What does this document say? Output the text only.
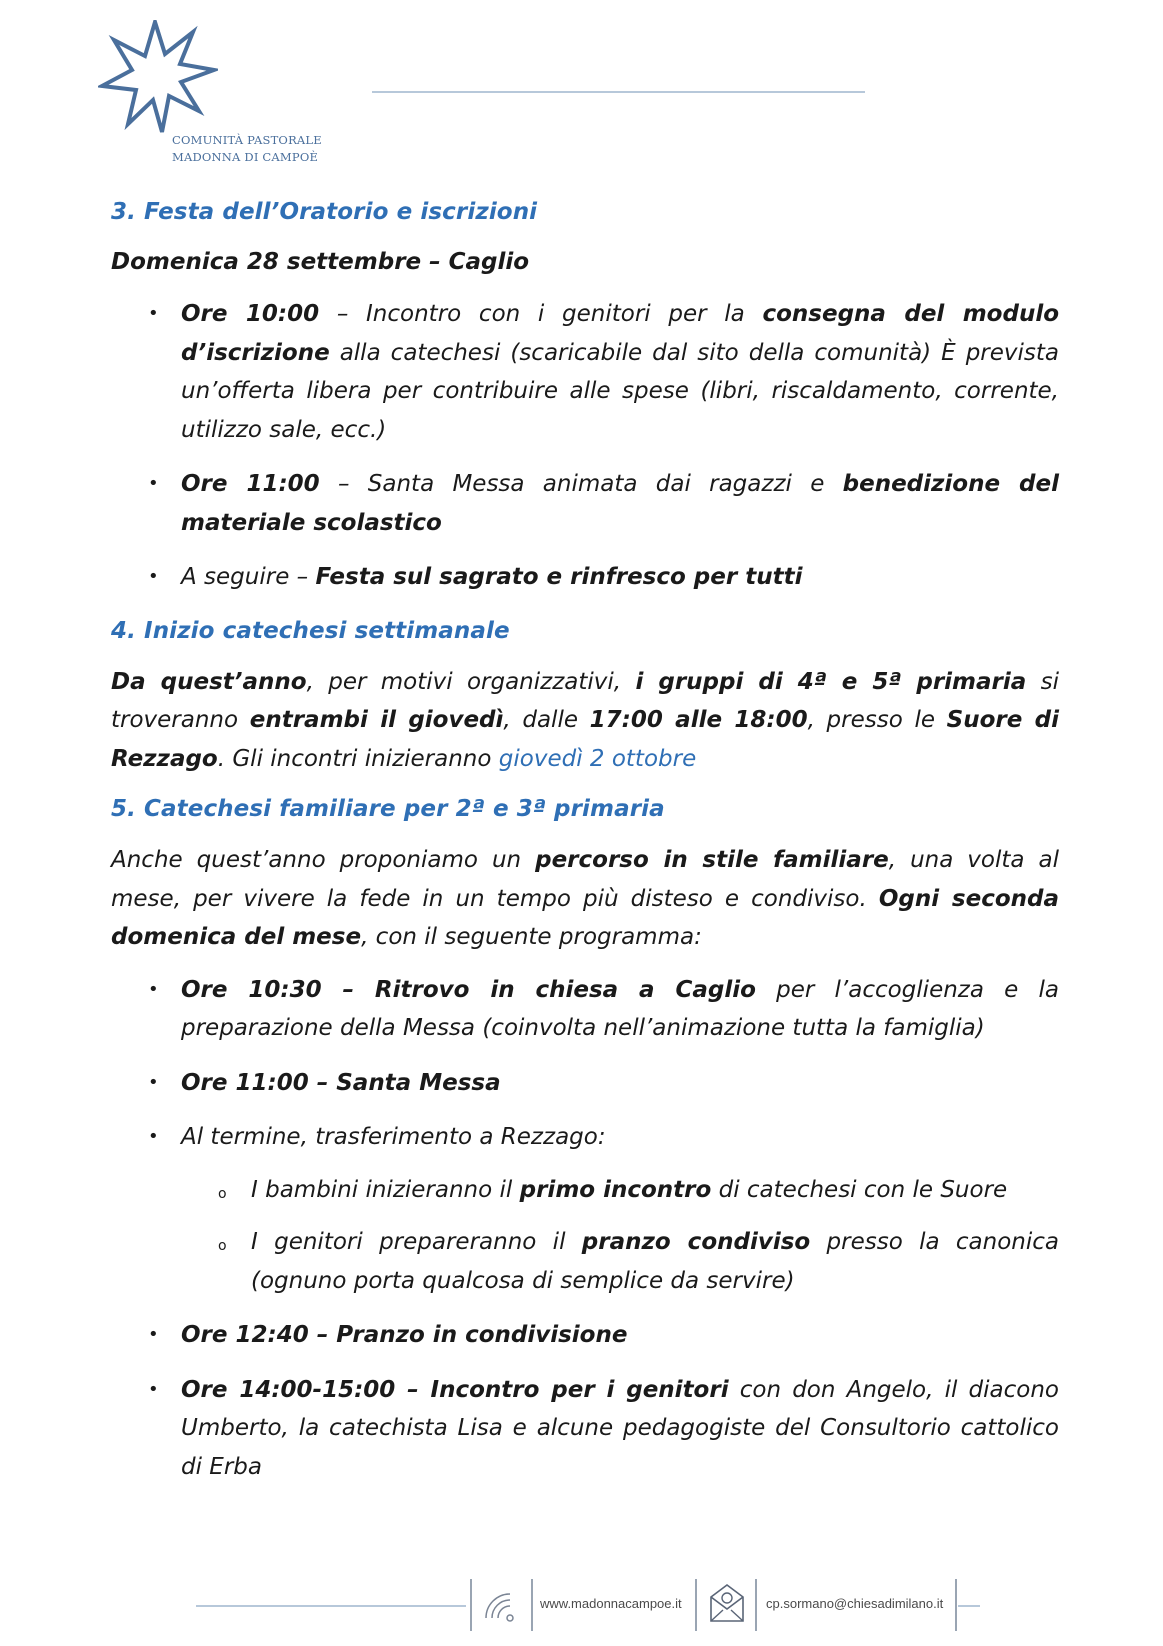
COMUNITÀ PASTORALE
MADONNA DI CAMPOÈ
3. Festa dell’Oratorio e iscrizioni
Domenica 28 settembre – Caglio
• Ore 10:00 – Incontro con i genitori per la consegna del modulo d’iscrizione alla catechesi (scaricabile dal sito della comunità) È prevista un’offerta libera per contribuire alle spese (libri, riscaldamento, corrente, utilizzo sale, ecc.)
• Ore 11:00 – Santa Messa animata dai ragazzi e benedizione del materiale scolastico
• A seguire – Festa sul sagrato e rinfresco per tutti
4. Inizio catechesi settimanale

Da quest’anno, per motivi organizzativi, i gruppi di 4ª e 5ª primaria si troveranno entrambi il giovedì, dalle 17:00 alle 18:00, presso le Suore di Rezzago. Gli incontri inizieranno giovedì 2 ottobre

5. Catechesi familiare per 2ª e 3ª primaria

Anche quest’anno proponiamo un percorso in stile familiare, una volta al mese, per vivere la fede in un tempo più disteso e condiviso. Ogni seconda domenica del mese, con il seguente programma:

• Ore 10:30 – Ritrovo in chiesa a Caglio per l’accoglienza e la preparazione della Messa (coinvolta nell’animazione tutta la famiglia)
• Ore 11:00 – Santa Messa
• Al termine, trasferimento a Rezzago:
o I bambini inizieranno il primo incontro di catechesi con le Suore
o I genitori prepareranno il pranzo condiviso presso la canonica (ognuno porta qualcosa di semplice da servire)
• Ore 12:40 – Pranzo in condivisione
• Ore 14:00-15:00 – Incontro per i genitori con don Angelo, il diacono Umberto, la catechista Lisa e alcune pedagogiste del Consultorio cattolico di Erba
www.madonnacampoe.it	cp.sormano@chiesadimilano.it
